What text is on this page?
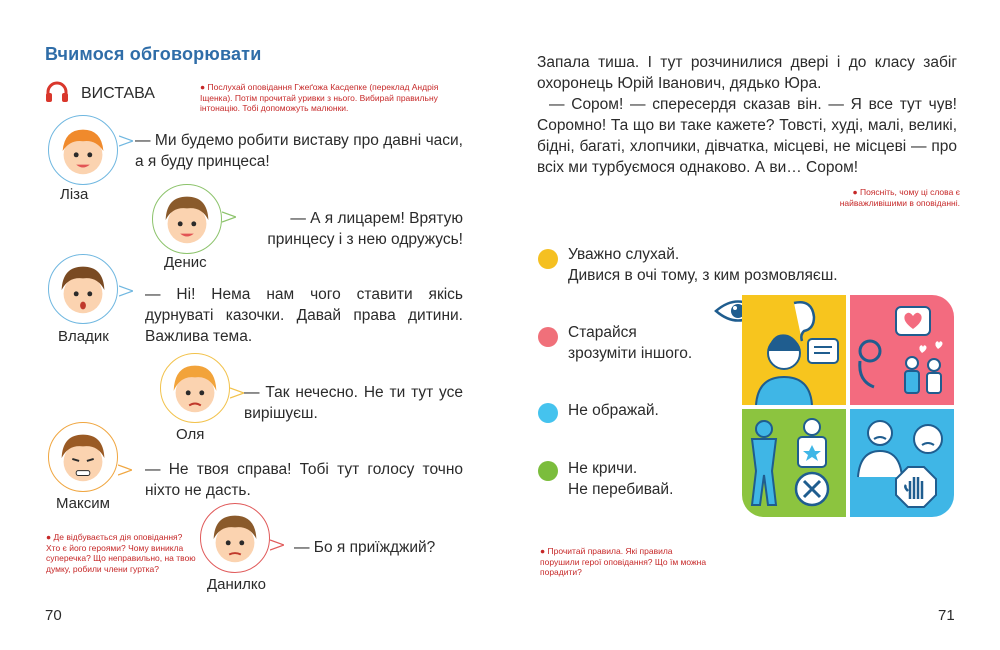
Вчимося обговорювати
ВИСТАВА	● Послухай оповідання Гжеґожа Касдепке (переклад Андрія Іщенка). Потім прочитай уривки з нього. Вибирай правильну інтонацію. Тобі допоможуть малюнки.
Ліза
— Ми будемо робити виставу про давні часи, а я буду принцеса!
Денис
— А я лицарем! Врятую принцесу і з нею одружусь!
Владик
— Ні! Нема нам чого ставити якісь дурнуваті казочки. Давай права дитини. Важлива тема.
Оля
— Так нечесно. Не ти тут усе вирішуєш.
Максим
— Не твоя справа! Тобі тут голосу точно ніхто не дасть.
Данилко
— Бо я приїжджий?
● Де відбувається дія оповідання? Хто є його героями? Чому виникла суперечка? Що неправильно, на твою думку, робили члени гуртка?
70

Запала тиша. І тут розчинилися двері і до класу забіг охоронець Юрій Іванович, дядько Юра.

— Сором! — спересердя сказав він. — Я все тут чув! Соромно! Та що ви таке кажете? Товсті, худі, малі, великі, бідні, багаті, хлопчики, дівчатка, місцеві, не місцеві — про всіх ми турбуємося однаково. А ви… Сором!

● Поясніть, чому ці слова є найважливішими в оповіданні.
Уважно слухай.
Дивися в очі тому, з ким розмовляєш.
Старайся
зрозуміти іншого.
Не ображай.
Не кричи.
Не перебивай.
● Прочитай правила. Які правила порушили герої оповідання? Що їм можна порадити?
71
